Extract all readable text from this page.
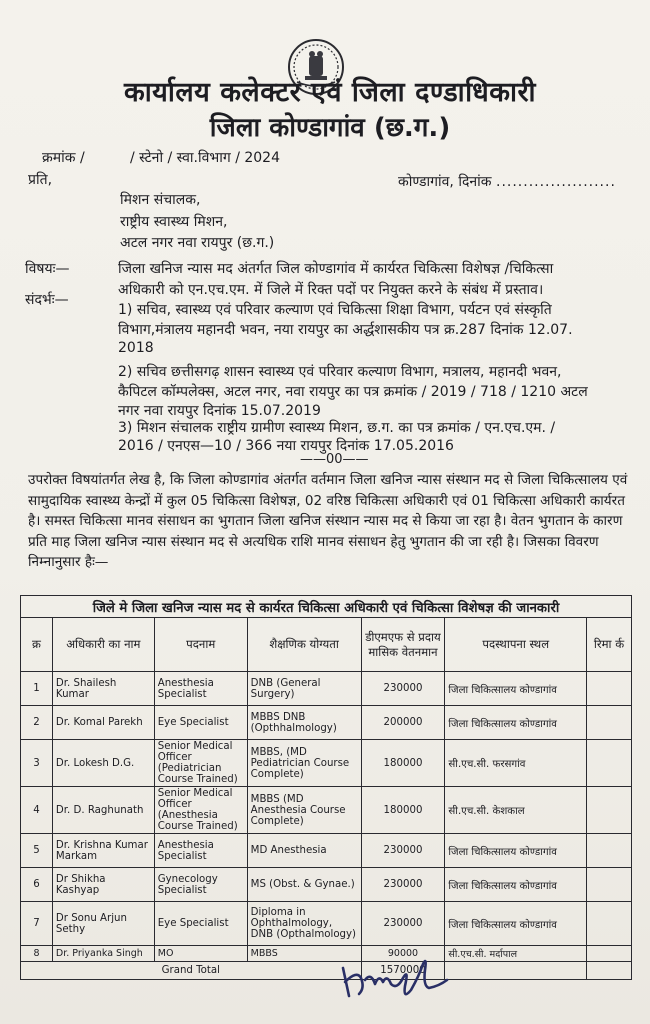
कार्यालय कलेक्टर एवं जिला दण्डाधिकारी
जिला कोण्डागांव (छ.ग.)
क्रमांक /	/ स्टेनो / स्वा.विभाग / 2024
प्रति,	कोण्डागांव, दिनांक ......................
मिशन संचालक,
राष्ट्रीय स्वास्थ्य मिशन,
अटल नगर नवा रायपुर (छ.ग.)
विषयः—	जिला खनिज न्यास मद अंतर्गत जिल कोण्डागांव में कार्यरत चिकित्सा विशेषज्ञ /चिकित्सा
अधिकारी को एन.एच.एम. में जिले में रिक्त पदों पर नियुक्त करने के संबंध में प्रस्ताव।
संदर्भः—
1) सचिव, स्वास्थ्य एवं परिवार कल्याण एवं चिकित्सा शिक्षा विभाग, पर्यटन एवं संस्कृति
विभाग,मंत्रालय महानदी भवन, नया रायपुर का अर्द्धशासकीय पत्र क्र.287 दिनांक 12.07.
2018
2) सचिव छत्तीसगढ़ शासन स्वास्थ्य एवं परिवार कल्याण विभाग, मत्रालय, महानदी भवन,
कैपिटल कॉम्पलेक्स, अटल नगर, नवा रायपुर का पत्र क्रमांक / 2019 / 718 / 1210 अटल
नगर नवा रायपुर दिनांक 15.07.2019
3) मिशन संचालक राष्ट्रीय ग्रामीण स्वास्थ्य मिशन, छ.ग. का पत्र क्रमांक / एन.एच.एम. /
2016 / एनएस—10 / 366 नया रायपुर दिनांक 17.05.2016
——00——
उपरोक्त विषयांतर्गत लेख है, कि जिला कोण्डागांव अंतर्गत वर्तमान जिला खनिज न्यास संस्थान मद से जिला चिकित्सालय एवं सामुदायिक स्वास्थ्य केन्द्रों में कुल 05 चिकित्सा विशेषज्ञ, 02 वरिष्ठ चिकित्सा अधिकारी एवं 01 चिकित्सा अधिकारी कार्यरत है। समस्त चिकित्सा मानव संसाधन का भुगतान जिला खनिज संस्थान न्यास मद से किया जा रहा है। वेतन भुगतान के कारण प्रति माह जिला खनिज न्यास संस्थान मद से अत्यधिक राशि मानव संसाधन हेतु भुगतान की जा रही है। जिसका विवरण निम्नानुसार हैः—
जिले मे जिला खनिज न्यास मद से कार्यरत चिकित्सा अधिकारी एवं चिकित्सा विशेषज्ञ की जानकारी						
क्र	अधिकारी का नाम	पदनाम	शैक्षणिक योग्यता	डीएमएफ से प्रदाय मासिक वेतनमान	पदस्थापना स्थल	रिमा र्क
1	Dr. Shailesh Kumar	Anesthesia Specialist	DNB (General Surgery)	230000	जिला चिकित्सालय कोण्डागांव	
2	Dr. Komal Parekh	Eye Specialist	MBBS DNB (Opthhalmology)	200000	जिला चिकित्सालय कोण्डागांव	
3	Dr. Lokesh D.G.	Senior Medical Officer (Pediatrician Course Trained)	MBBS, (MD Pediatrician Course Complete)	180000	सी.एच.सी. फरसगांव	
4	Dr. D. Raghunath	Senior Medical Officer (Anesthesia Course Trained)	MBBS (MD Anesthesia Course Complete)	180000	सी.एच.सी. केशकाल	
5	Dr. Krishna Kumar Markam	Anesthesia Specialist	MD Anesthesia	230000	जिला चिकित्सालय कोण्डागांव	
6	Dr Shikha Kashyap	Gynecology Specialist	MS (Obst. & Gynae.)	230000	जिला चिकित्सालय कोण्डागांव	
7	Dr Sonu Arjun Sethy	Eye Specialist	Diploma in Ophthalmology, DNB (Opthalmology)	230000	जिला चिकित्सालय कोण्डागांव	
8	Dr. Priyanka Singh	MO	MBBS	90000	सी.एच.सी. मर्दापाल	
Grand Total				1570000		
